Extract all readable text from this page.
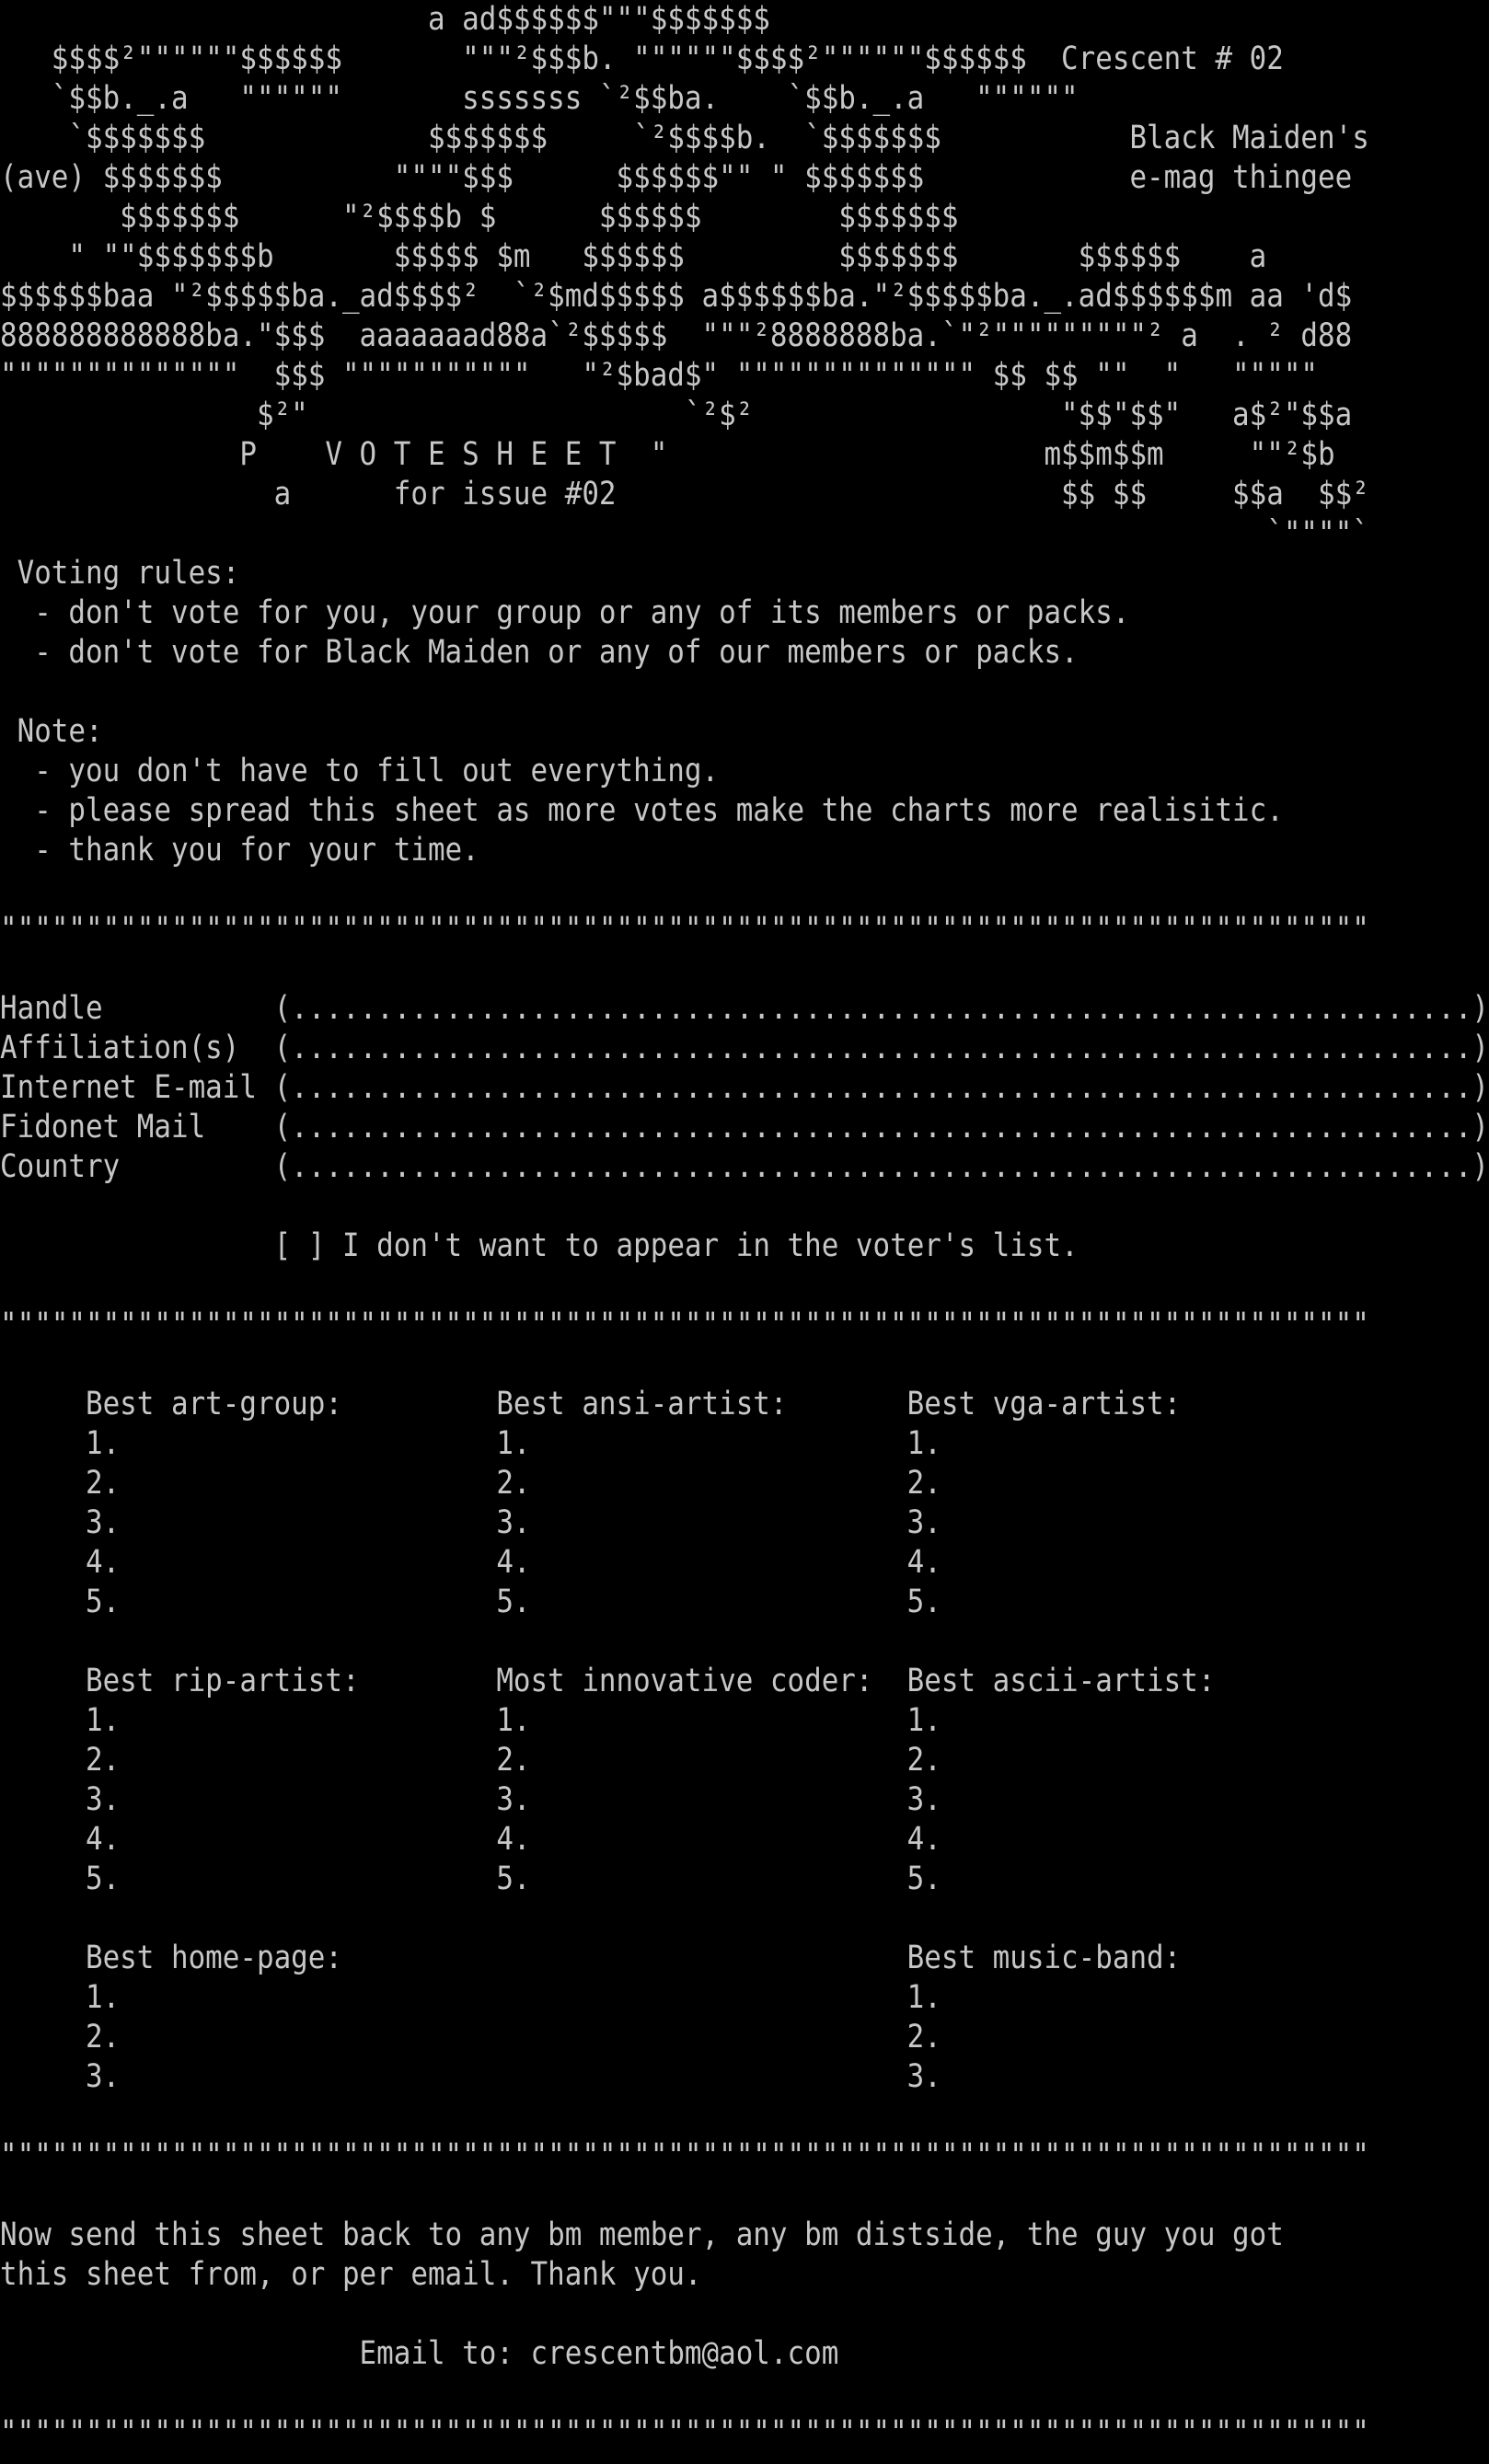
a ad$$$$$$"""$$$$$$$
$$$$²""""""$$$$$$       """²$$$b. """"""$$$$²""""""$$$$$$  Crescent # 02
`$$b._.a   """"""       sssssss `²$$ba.    `$$b._.a   """"""
`$$$$$$$             $$$$$$$     `²$$$$b.  `$$$$$$$           Black Maiden's
(ave) $$$$$$$          """"$$$      $$$$$$"" " $$$$$$$            e-mag thingee
$$$$$$$      "²$$$$b $      $$$$$$        $$$$$$$
" ""$$$$$$$b       $$$$$ $m   $$$$$$         $$$$$$$       $$$$$$    a
$$$$$$baa "²$$$$$ba._ad$$$$²  `²$md$$$$$ a$$$$$$ba."²$$$$$ba._.ad$$$$$$m aa 'd$
888888888888ba."$$$  aaaaaaad88a`²$$$$$  """²8888888ba.`"²"""""""""² a  . ² d88
""""""""""""""  $$$ """""""""""   "²$bad$" """""""""""""" $$ $$ ""  "   """""
$²"                      `²$²                  "$$"$$"   a$²"$$a
P    V O T E S H E E T  "                      m$$m$$m     ""²$b
a      for issue #02                          $$ $$     $$a  $$²
`""""`
Voting rules:
- don't vote for you, your group or any of its members or packs.
- don't vote for Black Maiden or any of our members or packs.
Note:
- you don't have to fill out everything.
- please spread this sheet as more votes make the charts more realisitic.
- thank you for your time.
""""""""""""""""""""""""""""""""""""""""""""""""""""""""""""""""""""""""""""""""
Handle          (.....................................................................)
Affiliation(s)  (.....................................................................)
Internet E-mail (.....................................................................)
Fidonet Mail    (.....................................................................)
Country         (.....................................................................)
[ ] I don't want to appear in the voter's list.
""""""""""""""""""""""""""""""""""""""""""""""""""""""""""""""""""""""""""""""""
Best art-group:         Best ansi-artist:       Best vga-artist:
1.                      1.                      1.
2.                      2.                      2.
3.                      3.                      3.
4.                      4.                      4.
5.                      5.                      5.
Best rip-artist:        Most innovative coder:  Best ascii-artist:
1.                      1.                      1.
2.                      2.                      2.
3.                      3.                      3.
4.                      4.                      4.
5.                      5.                      5.
Best home-page:                                 Best music-band:
1.                                              1.
2.                                              2.
3.                                              3.
""""""""""""""""""""""""""""""""""""""""""""""""""""""""""""""""""""""""""""""""
Now send this sheet back to any bm member, any bm distside, the guy you got
this sheet from, or per email. Thank you.
Email to: crescentbm@aol.com
""""""""""""""""""""""""""""""""""""""""""""""""""""""""""""""""""""""""""""""""
